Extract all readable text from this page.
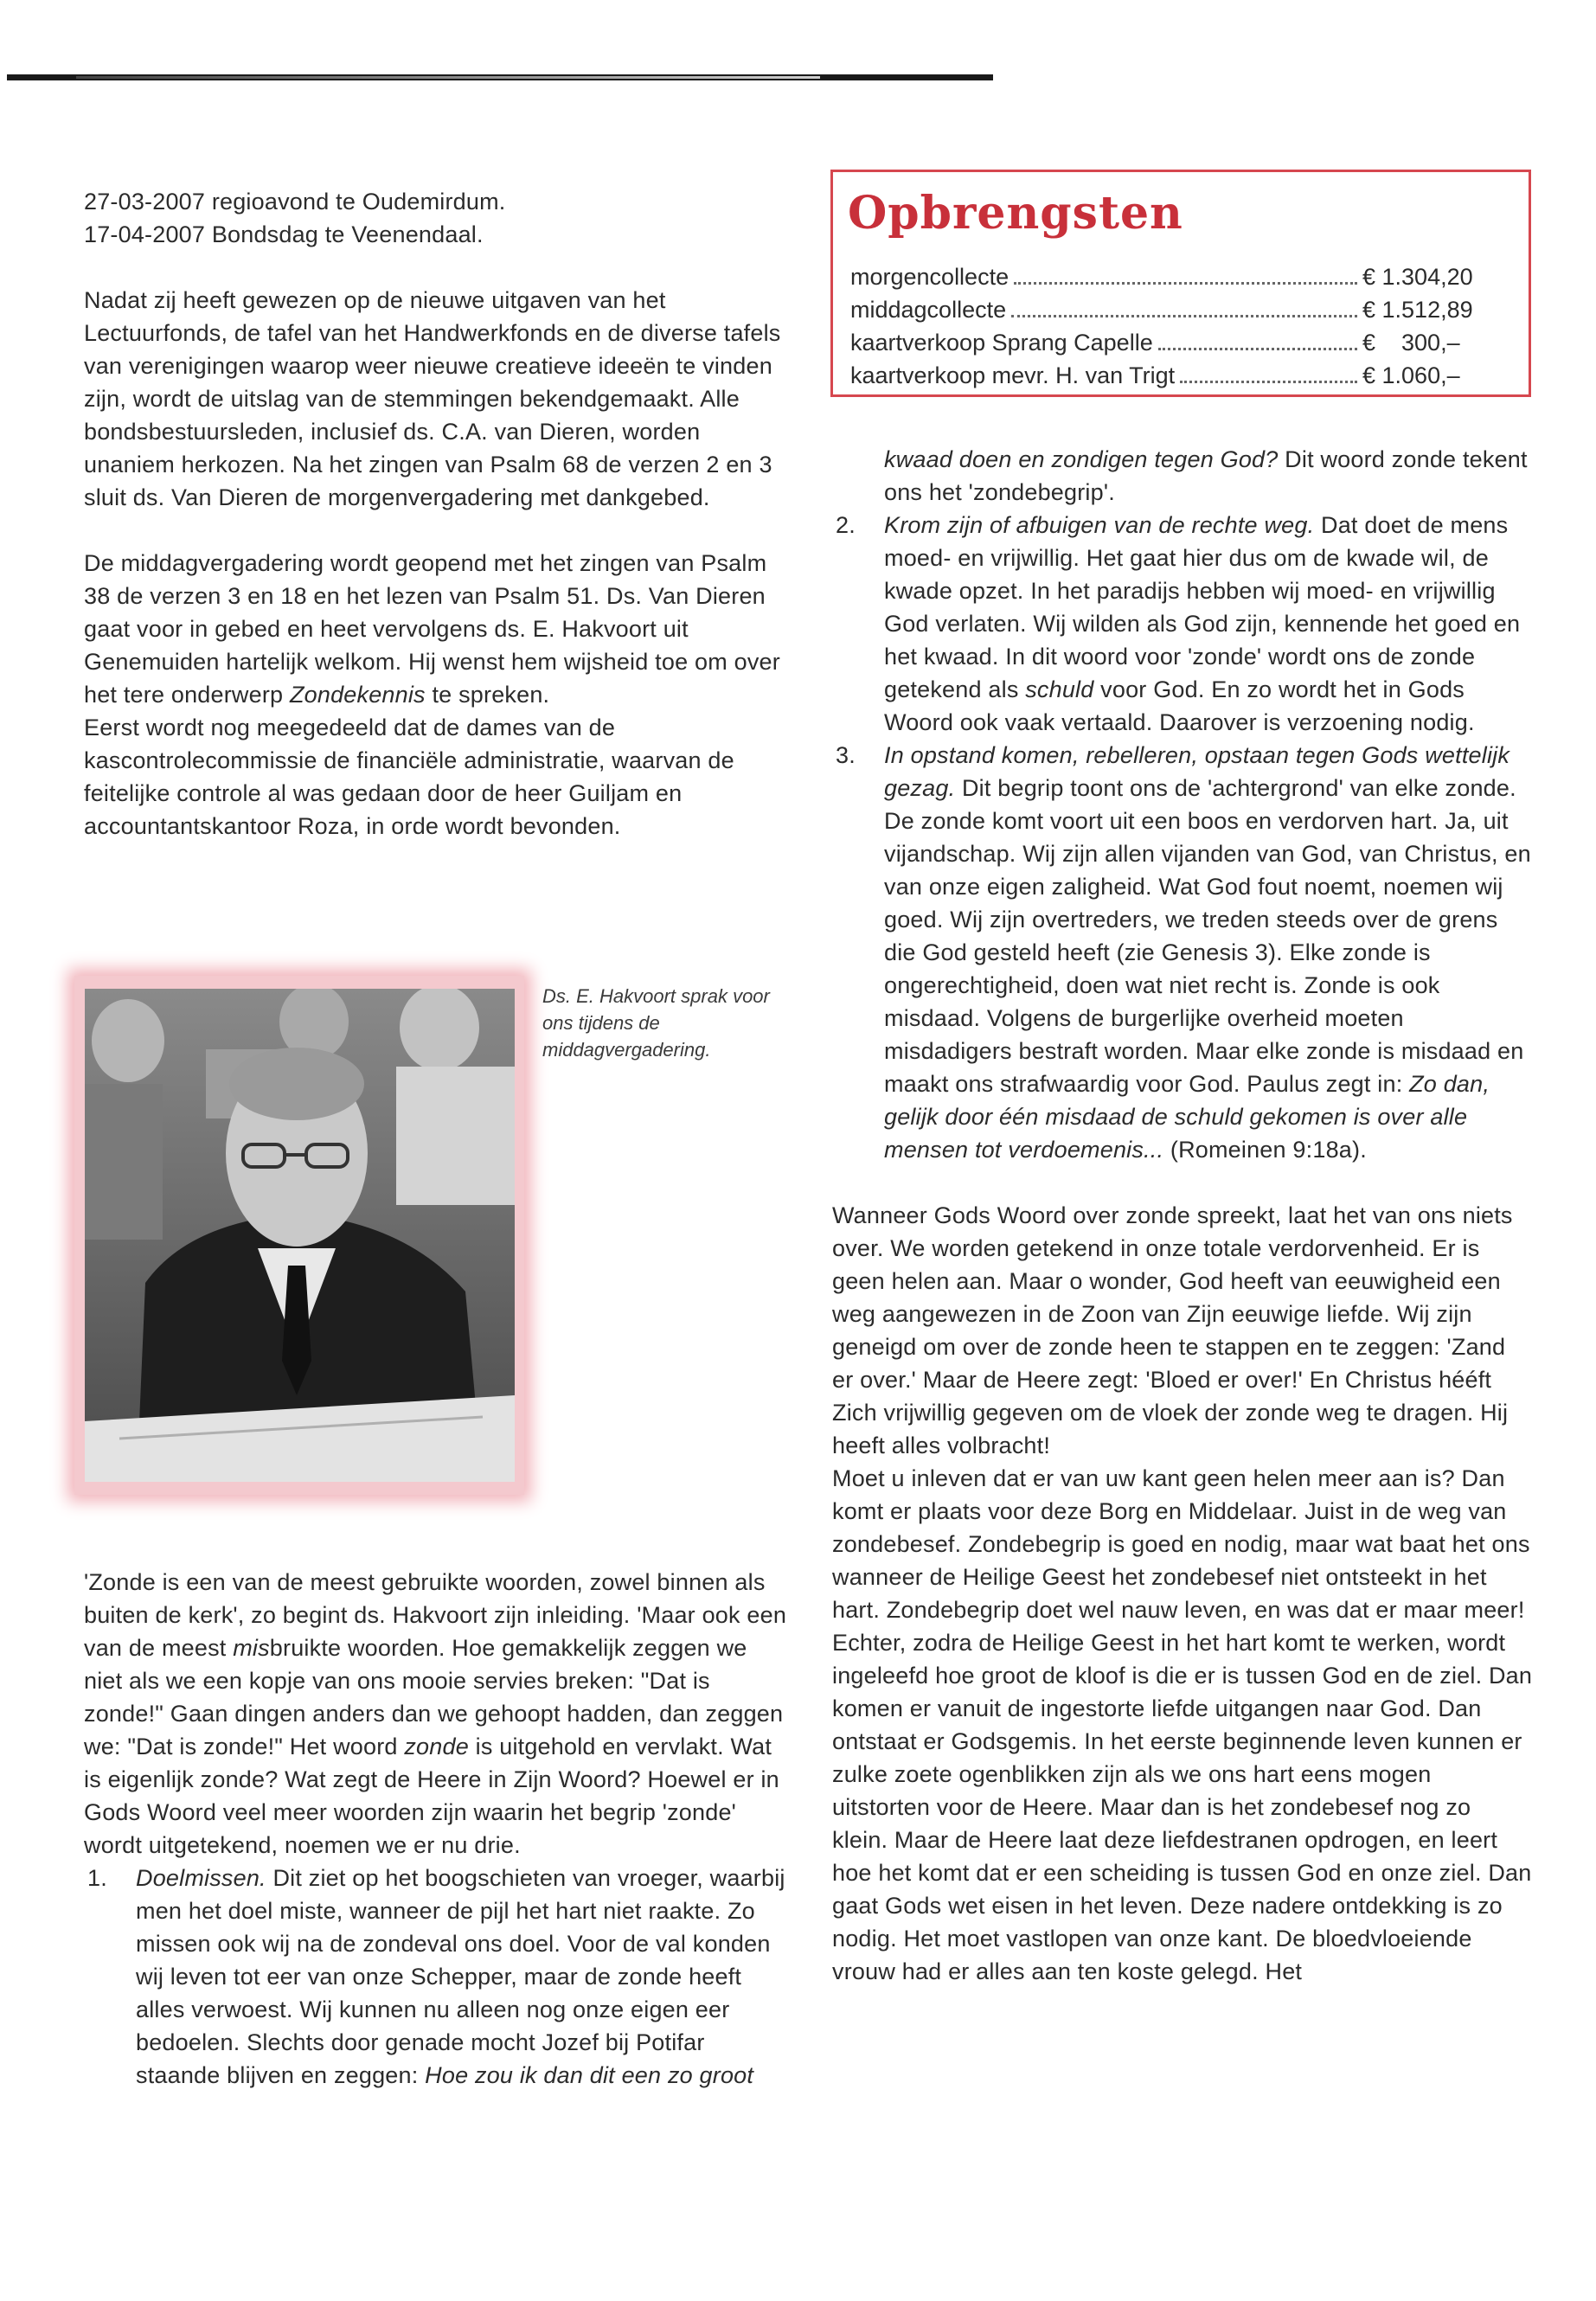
27-03-2007 regioavond te Oudemirdum.

17-04-2007 Bondsdag te Veenendaal.

Nadat zij heeft gewezen op de nieuwe uitgaven van het Lectuurfonds, de tafel van het Handwerkfonds en de diverse tafels van verenigingen waarop weer nieuwe creatieve ideeën te vinden zijn, wordt de uitslag van de stemmingen bekendgemaakt. Alle bondsbestuursleden, inclusief ds. C.A. van Dieren, worden unaniem herkozen. Na het zingen van Psalm 68 de verzen 2 en 3 sluit ds. Van Dieren de morgenvergadering met dankgebed.

De middagvergadering wordt geopend met het zingen van Psalm 38 de verzen 3 en 18 en het lezen van Psalm 51. Ds. Van Dieren gaat voor in gebed en heet vervolgens ds. E. Hakvoort uit Genemuiden hartelijk welkom. Hij wenst hem wijsheid toe om over het tere onderwerp Zondekennis te spreken.

Eerst wordt nog meegedeeld dat de dames van de kascontrolecommissie de financiële administratie, waarvan de feitelijke controle al was gedaan door de heer Guiljam en accountantskantoor Roza, in orde wordt bevonden.

Ds. E. Hakvoort sprak voor ons tijdens de middagvergadering.

'Zonde is een van de meest gebruikte woorden, zowel binnen als buiten de kerk', zo begint ds. Hakvoort zijn inleiding. 'Maar ook een van de meest misbruikte woorden. Hoe gemakkelijk zeggen we niet als we een kopje van ons mooie servies breken: "Dat is zonde!" Gaan dingen anders dan we gehoopt hadden, dan zeggen we: "Dat is zonde!" Het woord zonde is uitgehold en vervlakt. Wat is eigenlijk zonde? Wat zegt de Heere in Zijn Woord? Hoewel er in Gods Woord veel meer woorden zijn waarin het begrip 'zonde' wordt uitgetekend, noemen we er nu drie.

1. Doelmissen. Dit ziet op het boogschieten van vroeger, waarbij men het doel miste, wanneer de pijl het hart niet raakte. Zo missen ook wij na de zondeval ons doel. Voor de val konden wij leven tot eer van onze Schepper, maar de zonde heeft alles verwoest. Wij kunnen nu alleen nog onze eigen eer bedoelen. Slechts door genade mocht Jozef bij Potifar staande blijven en zeggen: Hoe zou ik dan dit een zo groot

Opbrengsten
morgencollecte	€ 1.304,20
middagcollecte	€ 1.512,89
kaartverkoop Sprang Capelle	€    300,–
kaartverkoop mevr. H. van Trigt	€ 1.060,–

kwaad doen en zondigen tegen God? Dit woord zonde tekent ons het 'zondebegrip'.

2. Krom zijn of afbuigen van de rechte weg. Dat doet de mens moed- en vrijwillig. Het gaat hier dus om de kwade wil, de kwade opzet. In het paradijs hebben wij moed- en vrijwillig God verlaten. Wij wilden als God zijn, kennende het goed en het kwaad. In dit woord voor 'zonde' wordt ons de zonde getekend als schuld voor God. En zo wordt het in Gods Woord ook vaak vertaald. Daarover is verzoening nodig.

3. In opstand komen, rebelleren, opstaan tegen Gods wettelijk gezag. Dit begrip toont ons de 'achtergrond' van elke zonde. De zonde komt voort uit een boos en verdorven hart. Ja, uit vijandschap. Wij zijn allen vijanden van God, van Christus, en van onze eigen zaligheid. Wat God fout noemt, noemen wij goed. Wij zijn overtreders, we treden steeds over de grens die God gesteld heeft (zie Genesis 3). Elke zonde is ongerechtigheid, doen wat niet recht is. Zonde is ook misdaad. Volgens de burgerlijke overheid moeten misdadigers bestraft worden. Maar elke zonde is misdaad en maakt ons strafwaardig voor God. Paulus zegt in: Zo dan, gelijk door één misdaad de schuld gekomen is over alle mensen tot verdoemenis... (Romeinen 9:18a).

Wanneer Gods Woord over zonde spreekt, laat het van ons niets over. We worden getekend in onze totale verdorvenheid. Er is geen helen aan. Maar o wonder, God heeft van eeuwigheid een weg aangewezen in de Zoon van Zijn eeuwige liefde. Wij zijn geneigd om over de zonde heen te stappen en te zeggen: 'Zand er over.' Maar de Heere zegt: 'Bloed er over!' En Christus hééft Zich vrijwillig gegeven om de vloek der zonde weg te dragen. Hij heeft alles volbracht!

Moet u inleven dat er van uw kant geen helen meer aan is? Dan komt er plaats voor deze Borg en Middelaar. Juist in de weg van zondebesef. Zondebegrip is goed en nodig, maar wat baat het ons wanneer de Heilige Geest het zondebesef niet ontsteekt in het hart. Zondebegrip doet wel nauw leven, en was dat er maar meer! Echter, zodra de Heilige Geest in het hart komt te werken, wordt ingeleefd hoe groot de kloof is die er is tussen God en de ziel. Dan komen er vanuit de ingestorte liefde uitgangen naar God. Dan ontstaat er Godsgemis. In het eerste beginnende leven kunnen er zulke zoete ogenblikken zijn als we ons hart eens mogen uitstorten voor de Heere. Maar dan is het zondebesef nog zo klein. Maar de Heere laat deze liefdestranen opdrogen, en leert hoe het komt dat er een scheiding is tussen God en onze ziel. Dan gaat Gods wet eisen in het leven. Deze nadere ontdekking is zo nodig. Het moet vastlopen van onze kant. De bloedvloeiende vrouw had er alles aan ten koste gelegd. Het
